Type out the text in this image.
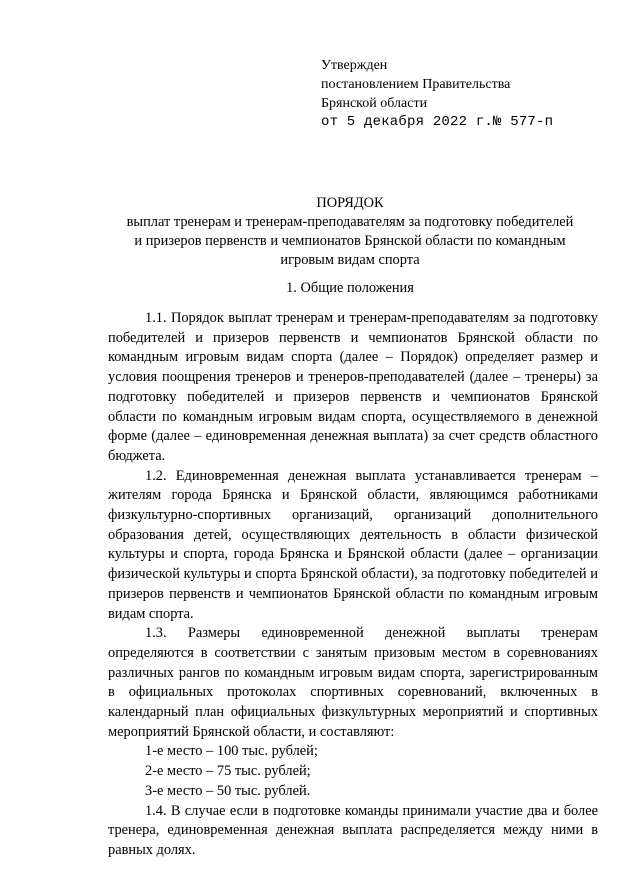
Утвержден
постановлением Правительства
Брянской области
от 5 декабря 2022 г.№ 577-п
ПОРЯДОК
выплат тренерам и тренерам-преподавателям за подготовку победителей
и призеров первенств и чемпионатов Брянской области по командным
игровым видам спорта
1. Общие положения

1.1. Порядок выплат тренерам и тренерам-преподавателям за подготовку победителей и призеров первенств и чемпионатов Брянской области по командным игровым видам спорта (далее – Порядок) определяет размер и условия поощрения тренеров и тренеров-преподавателей (далее – тренеры) за подготовку победителей и призеров первенств и чемпионатов Брянской области по командным игровым видам спорта, осуществляемого в денежной форме (далее – единовременная денежная выплата) за счет средств областного бюджета.

1.2. Единовременная денежная выплата устанавливается тренерам – жителям города Брянска и Брянской области, являющимся работниками физкультурно-спортивных организаций, организаций дополнительного образования детей, осуществляющих деятельность в области физической культуры и спорта, города Брянска и Брянской области (далее – организации физической культуры и спорта Брянской области), за подготовку победителей и призеров первенств и чемпионатов Брянской области по командным игровым видам спорта.

1.3. Размеры единовременной денежной выплаты тренерам определяются в соответствии с занятым призовым местом в соревнованиях различных рангов по командным игровым видам спорта, зарегистрированным в официальных протоколах спортивных соревнований, включенных в календарный план официальных физкультурных мероприятий и спортивных мероприятий Брянской области, и составляют:

1-е место – 100 тыс. рублей;

2-е место – 75 тыс. рублей;

3-е место – 50 тыс. рублей.

1.4. В случае если в подготовке команды принимали участие два и более тренера, единовременная денежная выплата распределяется между ними в равных долях.
